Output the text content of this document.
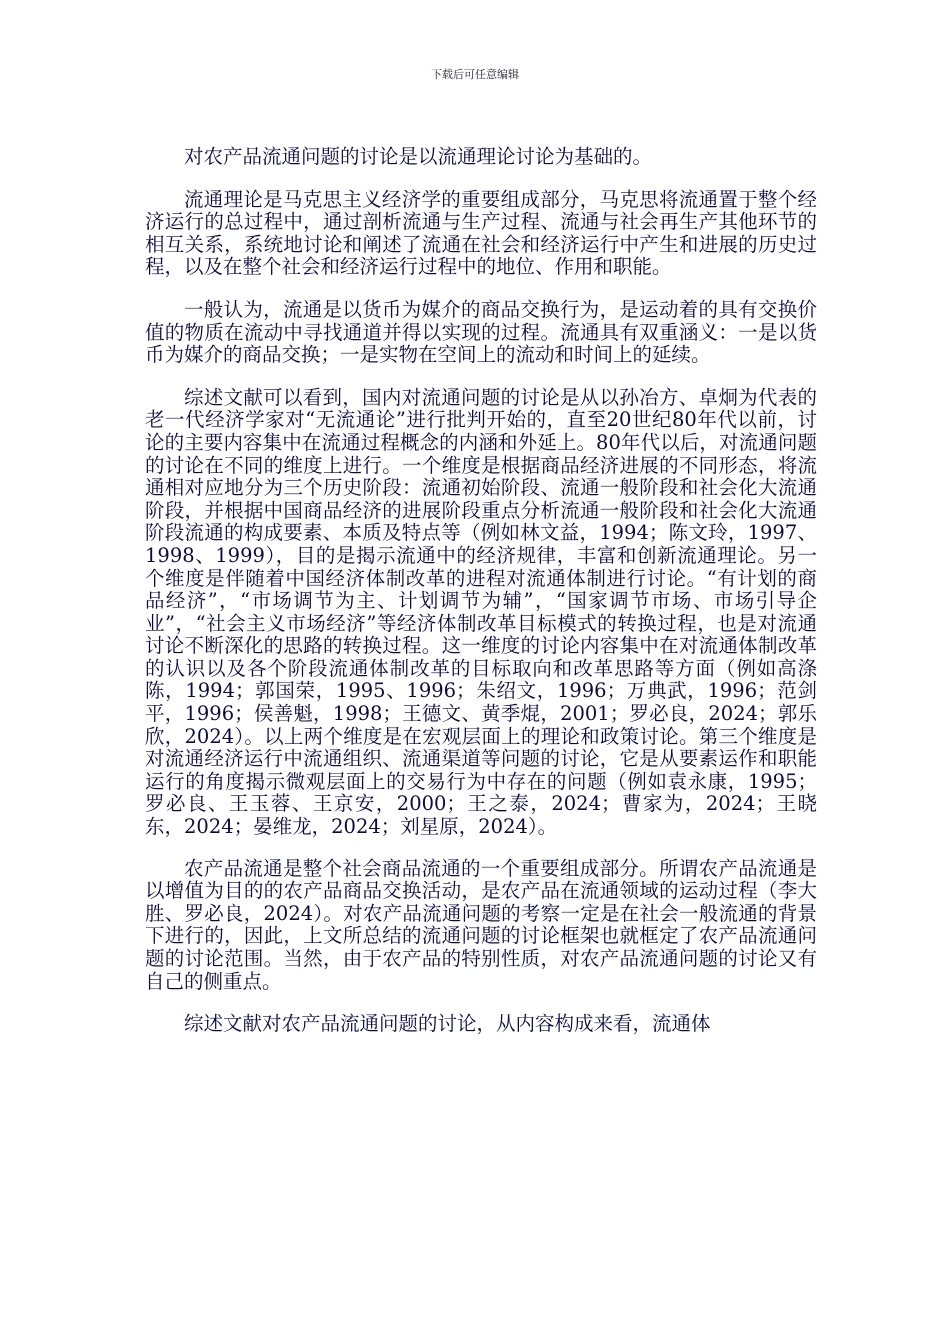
下载后可任意编辑

对农产品流通问题的讨论是以流通理论讨论为基础的。

流通理论是马克思主义经济学的重要组成部分，马克思将流通置于整个经济运行的总过程中，通过剖析流通与生产过程、流通与社会再生产其他环节的相互关系，系统地讨论和阐述了流通在社会和经济运行中产生和进展的历史过程，以及在整个社会和经济运行过程中的地位、作用和职能。

一般认为，流通是以货币为媒介的商品交换行为，是运动着的具有交换价值的物质在流动中寻找通道并得以实现的过程。流通具有双重涵义：一是以货币为媒介的商品交换；一是实物在空间上的流动和时间上的延续。

综述文献可以看到，国内对流通问题的讨论是从以孙冶方、卓炯为代表的老一代经济学家对“无流通论”进行批判开始的，直至20世纪80年代以前，讨论的主要内容集中在流通过程概念的内涵和外延上。80年代以后，对流通问题的讨论在不同的维度上进行。一个维度是根据商品经济进展的不同形态，将流通相对应地分为三个历史阶段：流通初始阶段、流通一般阶段和社会化大流通阶段，并根据中国商品经济的进展阶段重点分析流通一般阶段和社会化大流通阶段流通的构成要素、本质及特点等（例如林文益，1994；陈文玲，1997、1998、1999），目的是揭示流通中的经济规律，丰富和创新流通理论。另一个维度是伴随着中国经济体制改革的进程对流通体制进行讨论。“有计划的商品经济”，“市场调节为主、计划调节为辅”，“国家调节市场、市场引导企业”，“社会主义市场经济”等经济体制改革目标模式的转换过程，也是对流通讨论不断深化的思路的转换过程。这一维度的讨论内容集中在对流通体制改革的认识以及各个阶段流通体制改革的目标取向和改革思路等方面（例如高涤陈，1994；郭国荣，1995、1996；朱绍文，1996；万典武，1996；范剑平，1996；侯善魁，1998；王德文、黄季焜，2001；罗必良，2024；郭乐欣，2024）。以上两个维度是在宏观层面上的理论和政策讨论。第三个维度是对流通经济运行中流通组织、流通渠道等问题的讨论，它是从要素运作和职能运行的角度揭示微观层面上的交易行为中存在的问题（例如袁永康，1995；罗必良、王玉蓉、王京安，2000；王之泰，2024；曹家为，2024；王晓东，2024；晏维龙，2024；刘星原，2024）。

农产品流通是整个社会商品流通的一个重要组成部分。所谓农产品流通是以增值为目的的农产品商品交换活动，是农产品在流通领域的运动过程（李大胜、罗必良，2024）。对农产品流通问题的考察一定是在社会一般流通的背景下进行的，因此，上文所总结的流通问题的讨论框架也就框定了农产品流通问题的讨论范围。当然，由于农产品的特别性质，对农产品流通问题的讨论又有自己的侧重点。

综述文献对农产品流通问题的讨论，从内容构成来看，流通体
